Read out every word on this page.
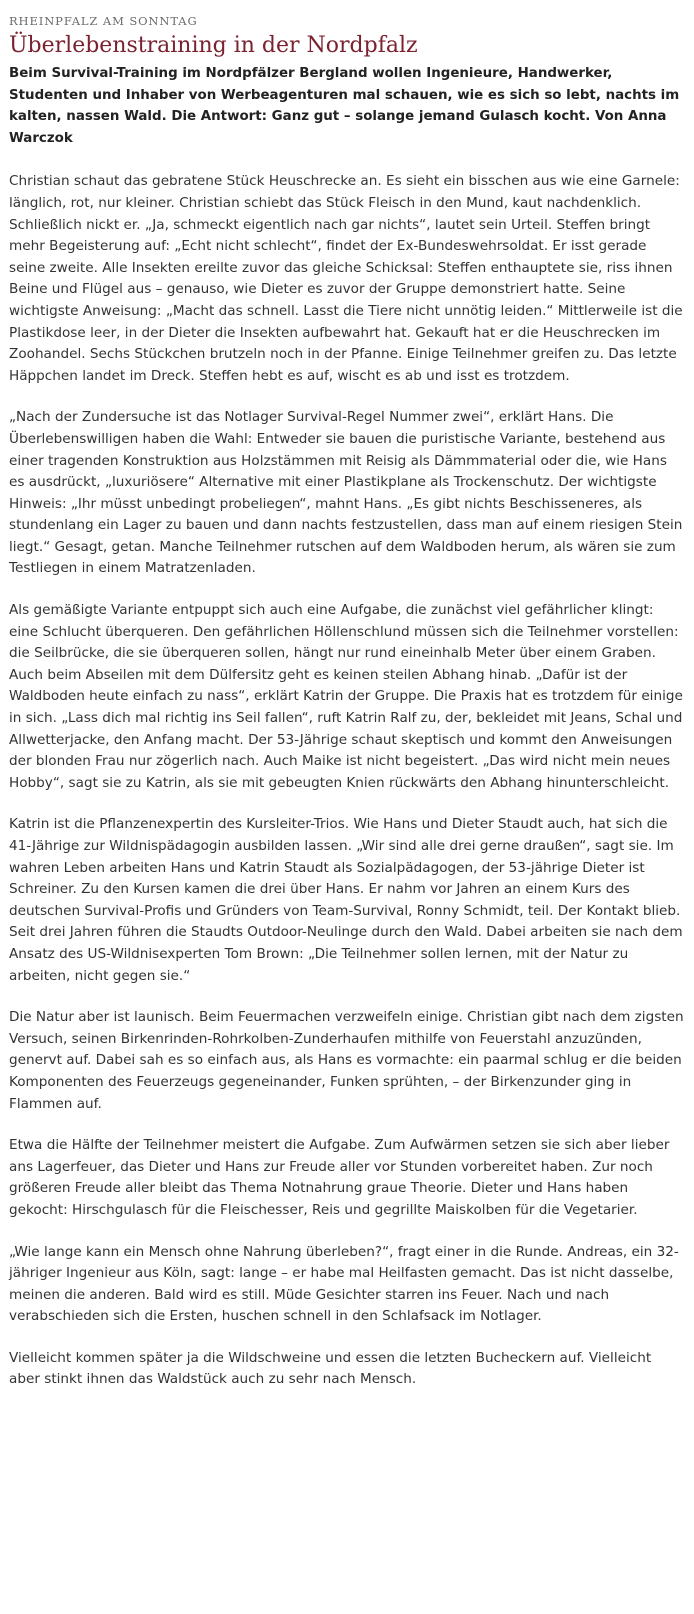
RHEINPFALZ AM SONNTAG
Überlebenstraining in der Nordpfalz

Beim Survival-Training im Nordpfälzer Bergland wollen Ingenieure, Handwerker, Studenten und Inhaber von Werbeagenturen mal schauen, wie es sich so lebt, nachts im kalten, nassen Wald. Die Antwort: Ganz gut – solange jemand Gulasch kocht. Von Anna Warczok

Christian schaut das gebratene Stück Heuschrecke an. Es sieht ein bisschen aus wie eine Garnele: länglich, rot, nur kleiner. Christian schiebt das Stück Fleisch in den Mund, kaut nachdenklich. Schließlich nickt er. „Ja, schmeckt eigentlich nach gar nichts“, lautet sein Urteil. Steffen bringt mehr Begeisterung auf: „Echt nicht schlecht“, findet der Ex-Bundeswehrsoldat. Er isst gerade seine zweite. Alle Insekten ereilte zuvor das gleiche Schicksal: Steffen enthauptete sie, riss ihnen Beine und Flügel aus – genauso, wie Dieter es zuvor der Gruppe demonstriert hatte. Seine wichtigste Anweisung: „Macht das schnell. Lasst die Tiere nicht unnötig leiden.“ Mittlerweile ist die Plastikdose leer, in der Dieter die Insekten aufbewahrt hat. Gekauft hat er die Heuschrecken im Zoohandel. Sechs Stückchen brutzeln noch in der Pfanne. Einige Teilnehmer greifen zu. Das letzte Häppchen landet im Dreck. Steffen hebt es auf, wischt es ab und isst es trotzdem.

„Nach der Zundersuche ist das Notlager Survival-Regel Nummer zwei“, erklärt Hans. Die Überlebenswilligen haben die Wahl: Entweder sie bauen die puristische Variante, bestehend aus einer tragenden Konstruktion aus Holzstämmen mit Reisig als Dämmmaterial oder die, wie Hans es ausdrückt, „luxuriösere“ Alternative mit einer Plastikplane als Trockenschutz. Der wichtigste Hinweis: „Ihr müsst unbedingt probeliegen“, mahnt Hans. „Es gibt nichts Beschisseneres, als stundenlang ein Lager zu bauen und dann nachts festzustellen, dass man auf einem riesigen Stein liegt.“ Gesagt, getan. Manche Teilnehmer rutschen auf dem Waldboden herum, als wären sie zum Testliegen in einem Matratzenladen.

Als gemäßigte Variante entpuppt sich auch eine Aufgabe, die zunächst viel gefährlicher klingt: eine Schlucht überqueren. Den gefährlichen Höllenschlund müssen sich die Teilnehmer vorstellen: die Seilbrücke, die sie überqueren sollen, hängt nur rund eineinhalb Meter über einem Graben. Auch beim Abseilen mit dem Dülfersitz geht es keinen steilen Abhang hinab. „Dafür ist der Waldboden heute einfach zu nass“, erklärt Katrin der Gruppe. Die Praxis hat es trotzdem für einige in sich. „Lass dich mal richtig ins Seil fallen“, ruft Katrin Ralf zu, der, bekleidet mit Jeans, Schal und Allwetterjacke, den Anfang macht. Der 53-Jährige schaut skeptisch und kommt den Anweisungen der blonden Frau nur zögerlich nach. Auch Maike ist nicht begeistert. „Das wird nicht mein neues Hobby“, sagt sie zu Katrin, als sie mit gebeugten Knien rückwärts den Abhang hinunterschleicht.

Katrin ist die Pflanzenexpertin des Kursleiter-Trios. Wie Hans und Dieter Staudt auch, hat sich die 41-Jährige zur Wildnispädagogin ausbilden lassen. „Wir sind alle drei gerne draußen“, sagt sie. Im wahren Leben arbeiten Hans und Katrin Staudt als Sozialpädagogen, der 53-jährige Dieter ist Schreiner. Zu den Kursen kamen die drei über Hans. Er nahm vor Jahren an einem Kurs des deutschen Survival-Profis und Gründers von Team-Survival, Ronny Schmidt, teil. Der Kontakt blieb. Seit drei Jahren führen die Staudts Outdoor-Neulinge durch den Wald. Dabei arbeiten sie nach dem Ansatz des US-Wildnisexperten Tom Brown: „Die Teilnehmer sollen lernen, mit der Natur zu arbeiten, nicht gegen sie.“

Die Natur aber ist launisch. Beim Feuermachen verzweifeln einige. Christian gibt nach dem zigsten Versuch, seinen Birkenrinden-Rohrkolben-Zunderhaufen mithilfe von Feuerstahl anzuzünden, genervt auf. Dabei sah es so einfach aus, als Hans es vormachte: ein paarmal schlug er die beiden Komponenten des Feuerzeugs gegeneinander, Funken sprühten, – der Birkenzunder ging in Flammen auf.

Etwa die Hälfte der Teilnehmer meistert die Aufgabe. Zum Aufwärmen setzen sie sich aber lieber ans Lagerfeuer, das Dieter und Hans zur Freude aller vor Stunden vorbereitet haben. Zur noch größeren Freude aller bleibt das Thema Notnahrung graue Theorie. Dieter und Hans haben gekocht: Hirschgulasch für die Fleischesser, Reis und gegrillte Maiskolben für die Vegetarier.

„Wie lange kann ein Mensch ohne Nahrung überleben?“, fragt einer in die Runde. Andreas, ein 32-jähriger Ingenieur aus Köln, sagt: lange – er habe mal Heilfasten gemacht. Das ist nicht dasselbe, meinen die anderen. Bald wird es still. Müde Gesichter starren ins Feuer. Nach und nach verabschieden sich die Ersten, huschen schnell in den Schlafsack im Notlager.

Vielleicht kommen später ja die Wildschweine und essen die letzten Bucheckern auf. Vielleicht aber stinkt ihnen das Waldstück auch zu sehr nach Mensch.
